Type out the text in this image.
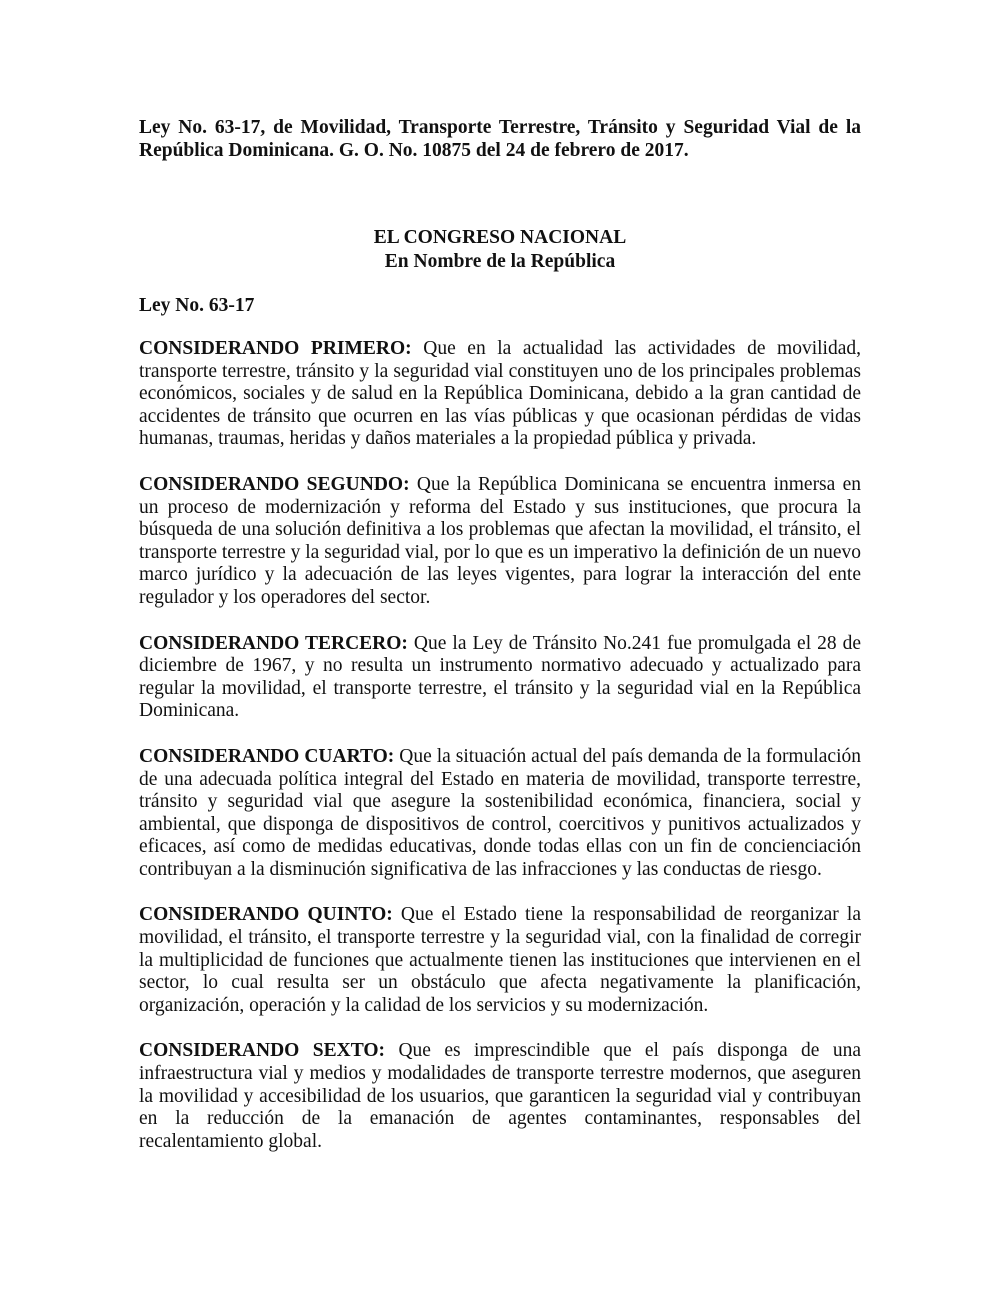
Ley No. 63-17, de Movilidad, Transporte Terrestre, Tránsito y Seguridad Vial de la República Dominicana. G. O. No. 10875 del 24 de febrero de 2017.

EL CONGRESO NACIONAL
En Nombre de la República
Ley No. 63-17

CONSIDERANDO PRIMERO: Que en la actualidad las actividades de movilidad, transporte terrestre, tránsito y la seguridad vial constituyen uno de los principales problemas económicos, sociales y de salud en la República Dominicana, debido a la gran cantidad de accidentes de tránsito que ocurren en las vías públicas y que ocasionan pérdidas de vidas humanas, traumas, heridas y daños materiales a la propiedad pública y privada.

CONSIDERANDO SEGUNDO: Que la República Dominicana se encuentra inmersa en un proceso de modernización y reforma del Estado y sus instituciones, que procura la búsqueda de una solución definitiva a los problemas que afectan la movilidad, el tránsito, el transporte terrestre y la seguridad vial, por lo que es un imperativo la definición de un nuevo marco jurídico y la adecuación de las leyes vigentes, para lograr la interacción del ente regulador y los operadores del sector.

CONSIDERANDO TERCERO: Que la Ley de Tránsito No.241 fue promulgada el 28 de diciembre de 1967, y no resulta un instrumento normativo adecuado y actualizado para regular la movilidad, el transporte terrestre, el tránsito y la seguridad vial en la República Dominicana.

CONSIDERANDO CUARTO: Que la situación actual del país demanda de la formulación de una adecuada política integral del Estado en materia de movilidad, transporte terrestre, tránsito y seguridad vial que asegure la sostenibilidad económica, financiera, social y ambiental, que disponga de dispositivos de control, coercitivos y punitivos actualizados y eficaces, así como de medidas educativas, donde todas ellas con un fin de concienciación contribuyan a la disminución significativa de las infracciones y las conductas de riesgo.

CONSIDERANDO QUINTO: Que el Estado tiene la responsabilidad de reorganizar la movilidad, el tránsito, el transporte terrestre y la seguridad vial, con la finalidad de corregir la multiplicidad de funciones que actualmente tienen las instituciones que intervienen en el sector, lo cual resulta ser un obstáculo que afecta negativamente la planificación, organización, operación y la calidad de los servicios y su modernización.

CONSIDERANDO SEXTO: Que es imprescindible que el país disponga de una infraestructura vial y medios y modalidades de transporte terrestre modernos, que aseguren la movilidad y accesibilidad de los usuarios, que garanticen la seguridad vial y contribuyan en la reducción de la emanación de agentes contaminantes, responsables del recalentamiento global.
